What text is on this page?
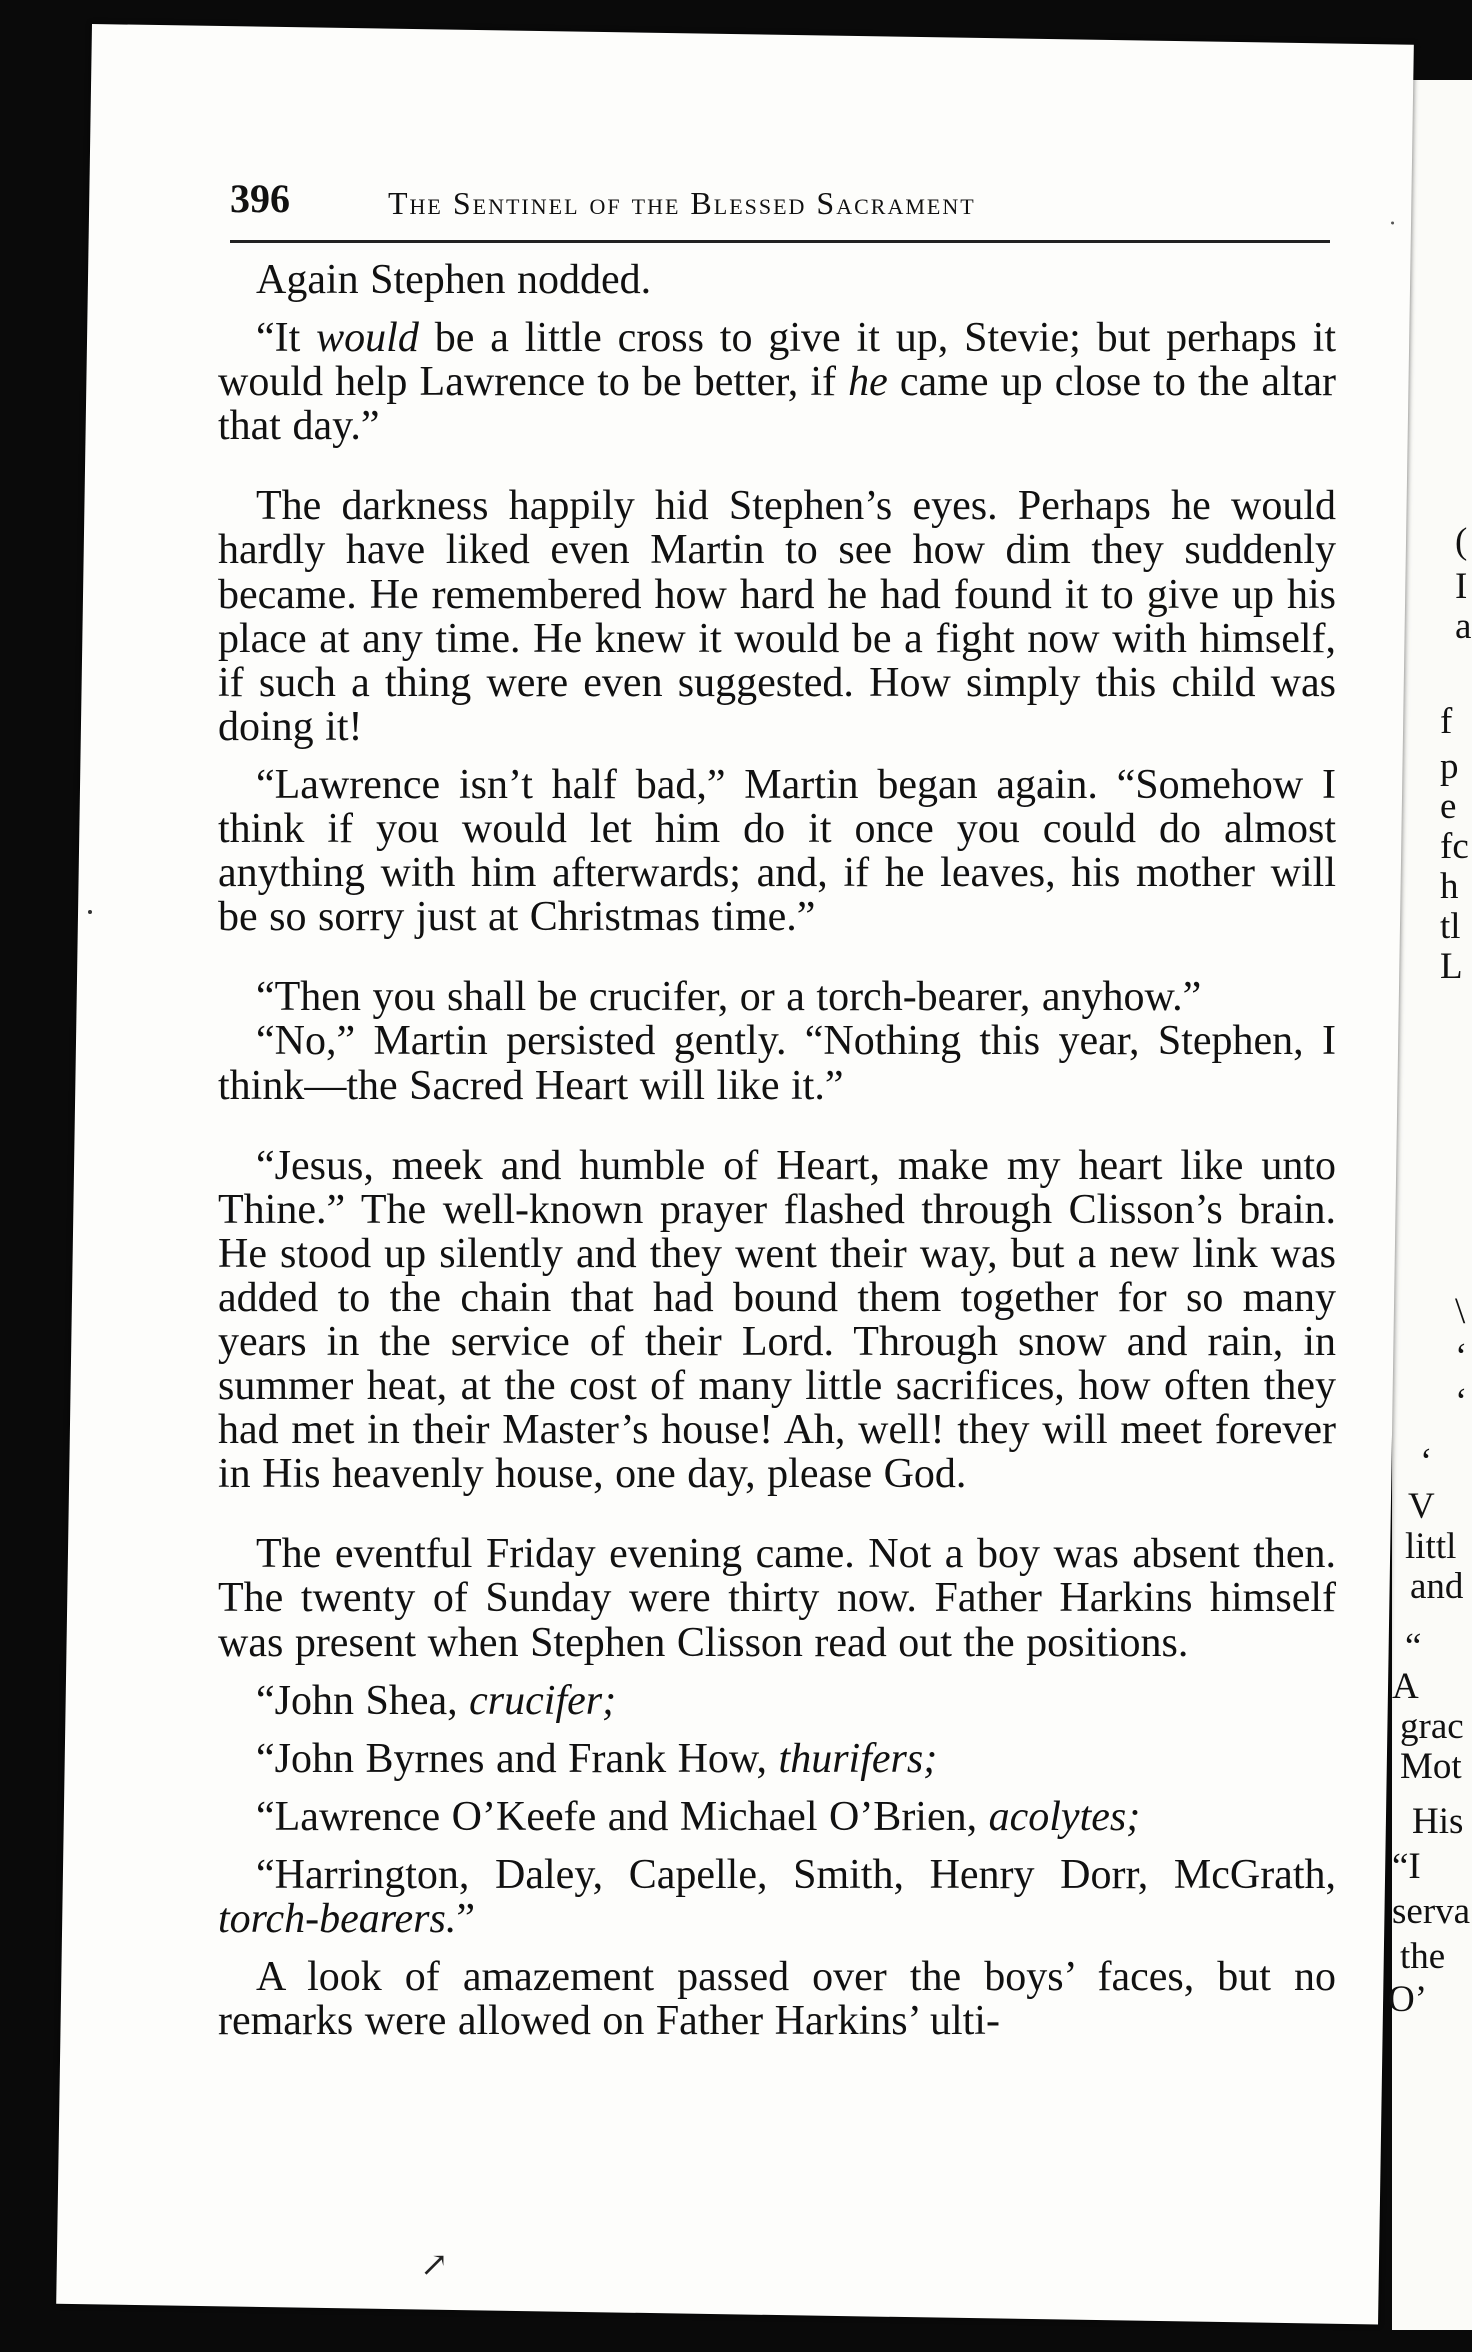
396	The Sentinel of the Blessed Sacrament

Again Stephen nodded.

“It would be a little cross to give it up, Stevie; but perhaps it would help Lawrence to be better, if he came up close to the altar that day.”

The darkness happily hid Stephen’s eyes. Perhaps he would hardly have liked even Martin to see how dim they suddenly became. He remembered how hard he had found it to give up his place at any time. He knew it would be a fight now with himself, if such a thing were even suggested. How simply this child was doing it!

“Lawrence isn’t half bad,” Martin began again. “Somehow I think if you would let him do it once you could do almost anything with him afterwards; and, if he leaves, his mother will be so sorry just at Christmas time.”

“Then you shall be crucifer, or a torch-bearer, anyhow.”

“No,” Martin persisted gently. “Nothing this year, Stephen, I think—the Sacred Heart will like it.”

“Jesus, meek and humble of Heart, make my heart like unto Thine.” The well-known prayer flashed through Clisson’s brain. He stood up silently and they went their way, but a new link was added to the chain that had bound them together for so many years in the service of their Lord. Through snow and rain, in summer heat, at the cost of many little sacrifices, how often they had met in their Master’s house! Ah, well! they will meet forever in His heavenly house, one day, please God.

The eventful Friday evening came. Not a boy was absent then. The twenty of Sunday were thirty now. Father Harkins himself was present when Stephen Clisson read out the positions.

“John Shea, crucifer;

“John Byrnes and Frank How, thurifers;

“Lawrence O’Keefe and Michael O’Brien, acolytes;

“Harrington, Daley, Capelle, Smith, Henry Dorr, McGrath, torch-bearers.”

A look of amazement passed over the boys’ faces, but no remarks were allowed on Father Harkins’ ulti-

(
I
a
f
p
e
fс
h
tl
L
\
‘
‘
‘
V
littl
and
“
A
grac
Mot
His
“I
serva
the
O’
↗
